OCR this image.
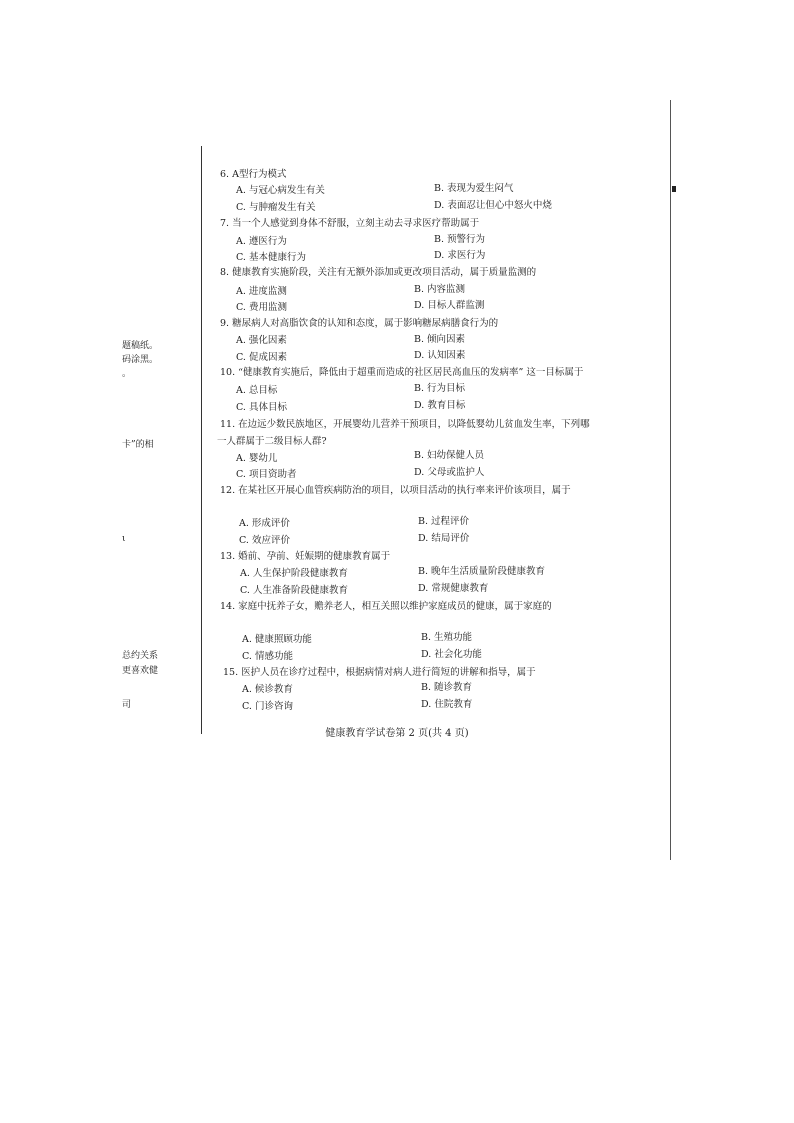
题稿纸。
码涂黑。
。
卡”的相
ι
总约关系
更喜欢健
司
6. A型行为模式
A. 与冠心病发生有关	B. 表现为爱生闷气
C. 与肿瘤发生有关	D. 表面忍让但心中怒火中烧
7. 当一个人感觉到身体不舒服，立刻主动去寻求医疗帮助属于
A. 遵医行为	B. 预警行为
C. 基本健康行为	D. 求医行为
8. 健康教育实施阶段，关注有无额外添加或更改项目活动，属于质量监测的
A. 进度监测	B. 内容监测
C. 费用监测	D. 目标人群监测
9. 糖尿病人对高脂饮食的认知和态度，属于影响糖尿病膳食行为的
A. 强化因素	B. 倾向因素
C. 促成因素	D. 认知因素
10. “健康教育实施后，降低由于超重而造成的社区居民高血压的发病率” 这一目标属于
A. 总目标	B. 行为目标
C. 具体目标	D. 教育目标
11. 在边远少数民族地区，开展婴幼儿营养干预项目，以降低婴幼儿贫血发生率，下列哪
一人群属于二级目标人群?
A. 婴幼儿	B. 妇幼保健人员
C. 项目资助者	D. 父母或监护人
12. 在某社区开展心血管疾病防治的项目，以项目活动的执行率来评价该项目，属于
A. 形成评价	B. 过程评价
C. 效应评价	D. 结局评价
13. 婚前、孕前、妊娠期的健康教育属于
A. 人生保护阶段健康教育	B. 晚年生活质量阶段健康教育
C. 人生准备阶段健康教育	D. 常规健康教育
14. 家庭中抚养子女，赡养老人，相互关照以维护家庭成员的健康，属于家庭的
A. 健康照顾功能	B. 生殖功能
C. 情感功能	D. 社会化功能
15. 医护人员在诊疗过程中，根据病情对病人进行简短的讲解和指导，属于
A. 候诊教育	B. 随诊教育
C. 门诊咨询	D. 住院教育
健康教育学试卷第 2 页(共 4 页)
